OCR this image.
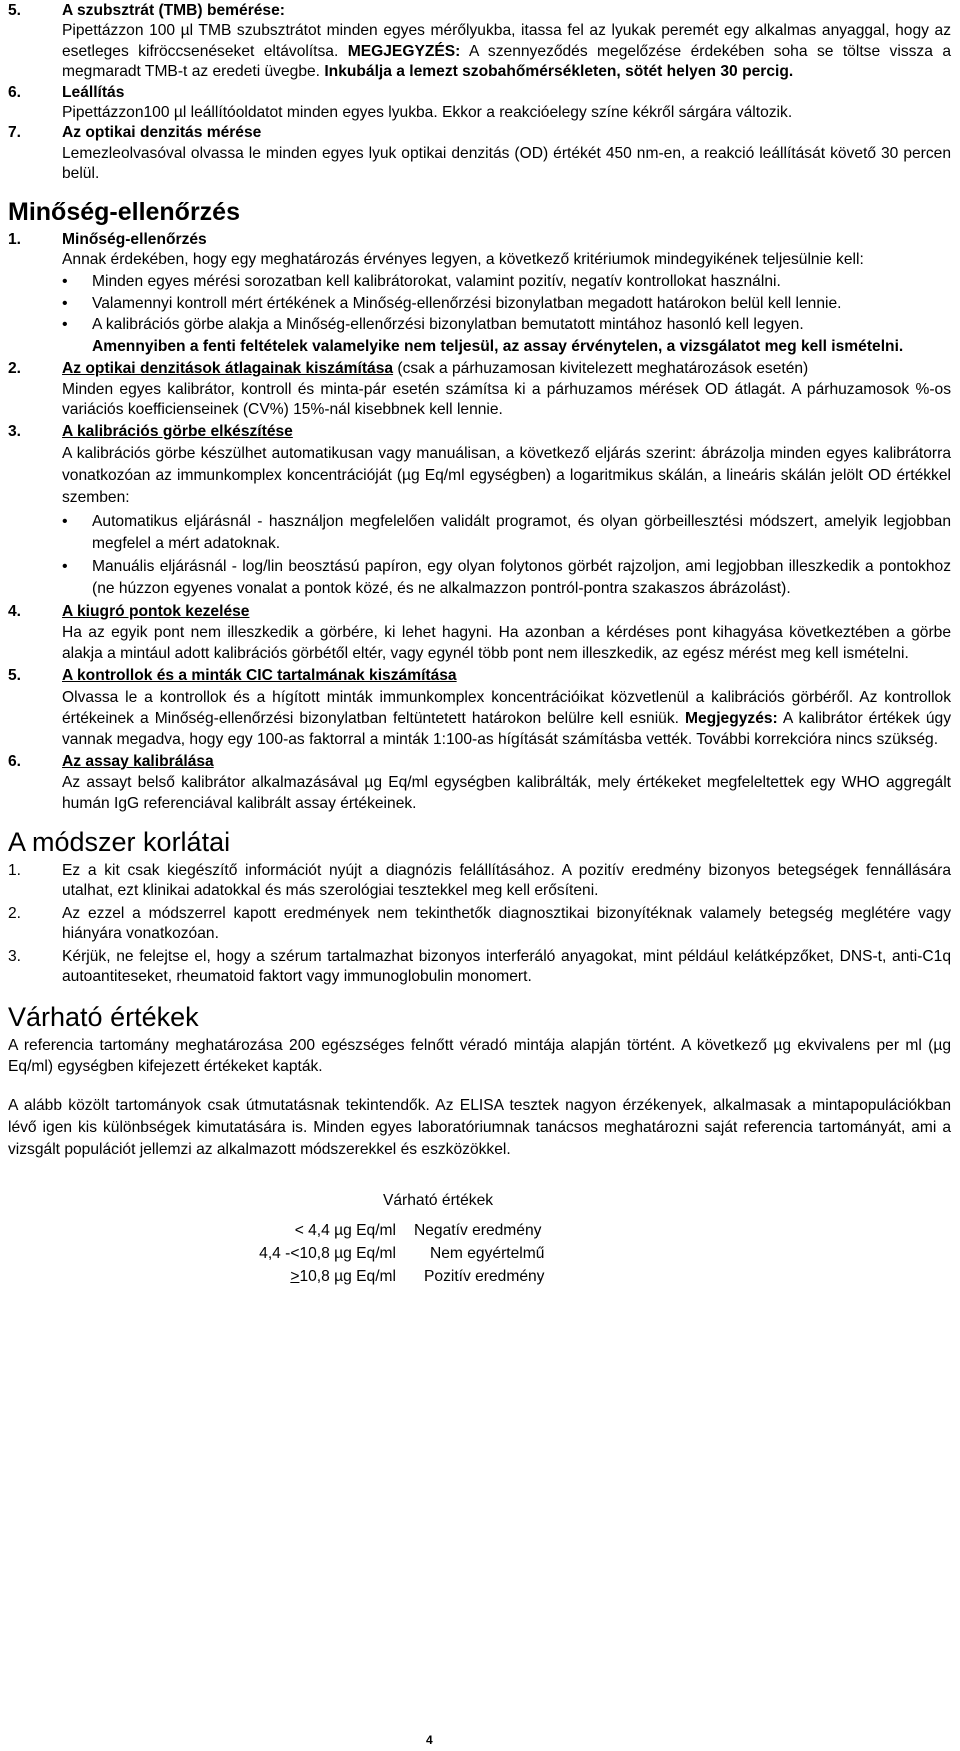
5.	A szubsztrát (TMB) bemérése:
Pipettázzon 100 µl TMB szubsztrátot minden egyes mérőlyukba, itassa fel az lyukak peremét egy alkalmas anyaggal, hogy az esetleges kifröccsenéseket eltávolítsa. MEGJEGYZÉS: A szennyeződés megelőzése érdekében soha se töltse vissza a megmaradt TMB-t az eredeti üvegbe. Inkubálja a lemezt szobahőmérsékleten, sötét helyen 30 percig.
6.	Leállítás
Pipettázzon100 µl leállítóoldatot minden egyes lyukba. Ekkor a reakcióelegy színe kékről sárgára változik.
7.	Az optikai denzitás mérése
Lemezleolvasóval olvassa le minden egyes lyuk optikai denzitás (OD) értékét 450 nm-en, a reakció leállítását követő 30 percen belül.
Minőség-ellenőrzés
1.	Minőség-ellenőrzés
Annak érdekében, hogy egy meghatározás érvényes legyen, a következő kritériumok mindegyikének teljesülnie kell:
• Minden egyes mérési sorozatban kell kalibrátorokat, valamint pozitív, negatív kontrollokat használni.
• Valamennyi kontroll mért értékének a Minőség-ellenőrzési bizonylatban megadott határokon belül kell lennie.
• A kalibrációs görbe alakja a Minőség-ellenőrzési bizonylatban bemutatott mintához hasonló kell legyen.
Amennyiben a fenti feltételek valamelyike nem teljesül, az assay érvénytelen, a vizsgálatot meg kell ismételni.
2.	Az optikai denzitások átlagainak kiszámítása (csak a párhuzamosan kivitelezett meghatározások esetén)
Minden egyes kalibrátor, kontroll és minta-pár esetén számítsa ki a párhuzamos mérések OD átlagát. A párhuzamosok %-os variációs koefficienseinek (CV%) 15%-nál kisebbnek kell lennie.
3.	A kalibrációs görbe elkészítése
A kalibrációs görbe készülhet automatikusan vagy manuálisan, a következő eljárás szerint: ábrázolja minden egyes kalibrátorra vonatkozóan az immunkomplex koncentrációját (µg Eq/ml egységben) a logaritmikus skálán, a lineáris skálán jelölt OD értékkel szemben:
• Automatikus eljárásnál - használjon megfelelően validált programot, és olyan görbeillesztési módszert, amelyik legjobban megfelel a mért adatoknak.
• Manuális eljárásnál - log/lin beosztású papíron, egy olyan folytonos görbét rajzoljon, ami legjobban illeszkedik a pontokhoz (ne húzzon egyenes vonalat a pontok közé, és ne alkalmazzon pontról-pontra szakaszos ábrázolást).
4.	A kiugró pontok kezelése
Ha az egyik pont nem illeszkedik a görbére, ki lehet hagyni. Ha azonban a kérdéses pont kihagyása következtében a görbe alakja a mintául adott kalibrációs görbétől eltér, vagy egynél több pont nem illeszkedik, az egész mérést meg kell ismételni.
5.	A kontrollok és a minták CIC tartalmának kiszámítása
Olvassa le a kontrollok és a hígított minták immunkomplex koncentrációikat közvetlenül a kalibrációs görbéről. Az kontrollok értékeinek a Minőség-ellenőrzési bizonylatban feltüntetett határokon belülre kell esniük. Megjegyzés: A kalibrátor értékek úgy vannak megadva, hogy egy 100-as faktorral a minták 1:100-as hígítását számításba vették. További korrekcióra nincs szükség.
6.	Az assay kalibrálása
Az assayt belső kalibrátor alkalmazásával µg Eq/ml egységben kalibrálták, mely értékeket megfeleltettek egy WHO aggregált humán IgG referenciával kalibrált assay értékeinek.
A módszer korlátai
1.	Ez a kit csak kiegészítő információt nyújt a diagnózis felállításához. A pozitív eredmény bizonyos betegségek fennállására utalhat, ezt klinikai adatokkal és más szerológiai tesztekkel meg kell erősíteni.
2.	Az ezzel a módszerrel kapott eredmények nem tekinthetők diagnosztikai bizonyítéknak valamely betegség meglétére vagy hiányára vonatkozóan.
3.	Kérjük, ne felejtse el, hogy a szérum tartalmazhat bizonyos interferáló anyagokat, mint például kelátképzőket, DNS-t, anti-C1q autoantiteseket, rheumatoid faktort vagy immunoglobulin monomert.
Várható értékek

A referencia tartomány meghatározása 200 egészséges felnőtt véradó mintája alapján történt. A következő µg ekvivalens per ml (µg Eq/ml) egységben kifejezett értékeket kapták.

A alább közölt tartományok csak útmutatásnak tekintendők. Az ELISA tesztek nagyon érzékenyek, alkalmasak a mintapopulációkban lévő igen kis különbségek kimutatására is. Minden egyes laboratóriumnak tanácsos meghatározni saját referencia tartományát, ami a vizsgált populációt jellemzi az alkalmazott módszerekkel és eszközökkel.

Várható értékek
< 4,4 µg Eq/ml	Negatív eredmény
4,4 -<10,8 µg Eq/ml	Nem egyértelmű
>10,8 µg Eq/ml	Pozitív eredmény
4
